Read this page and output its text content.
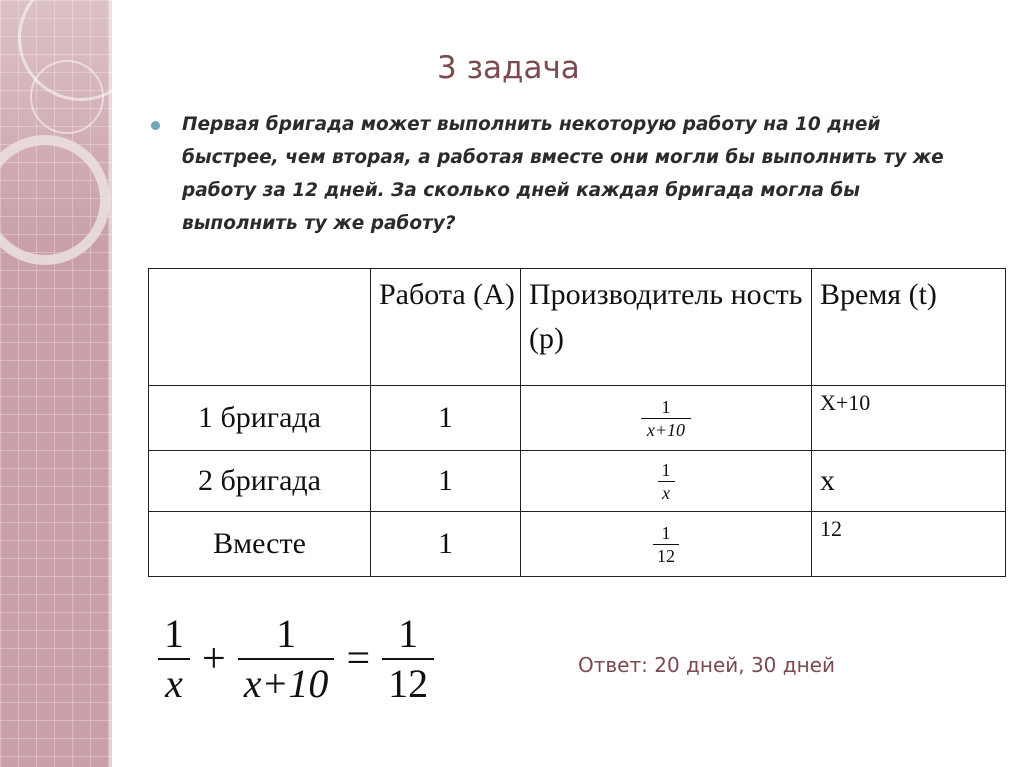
3 задача

Первая бригада может выполнить некоторую работу на 10 дней быстрее, чем вторая, а работая вместе они могли бы выполнить ту же работу за 12 дней. За сколько дней каждая бригада могла бы выполнить ту же работу?

	Работа (А)	Производитель ность (p)	Время (t)
1 бригада	1	$\frac{1}{x+10}$	X+10
2 бригада	1	$\frac{1}{x}$	x
Вместе	1	$\frac{1}{12}$	12
$\frac{1}{x} + \frac{1}{x+10} = \frac{1}{12}$	Ответ: 20 дней, 30 дней
